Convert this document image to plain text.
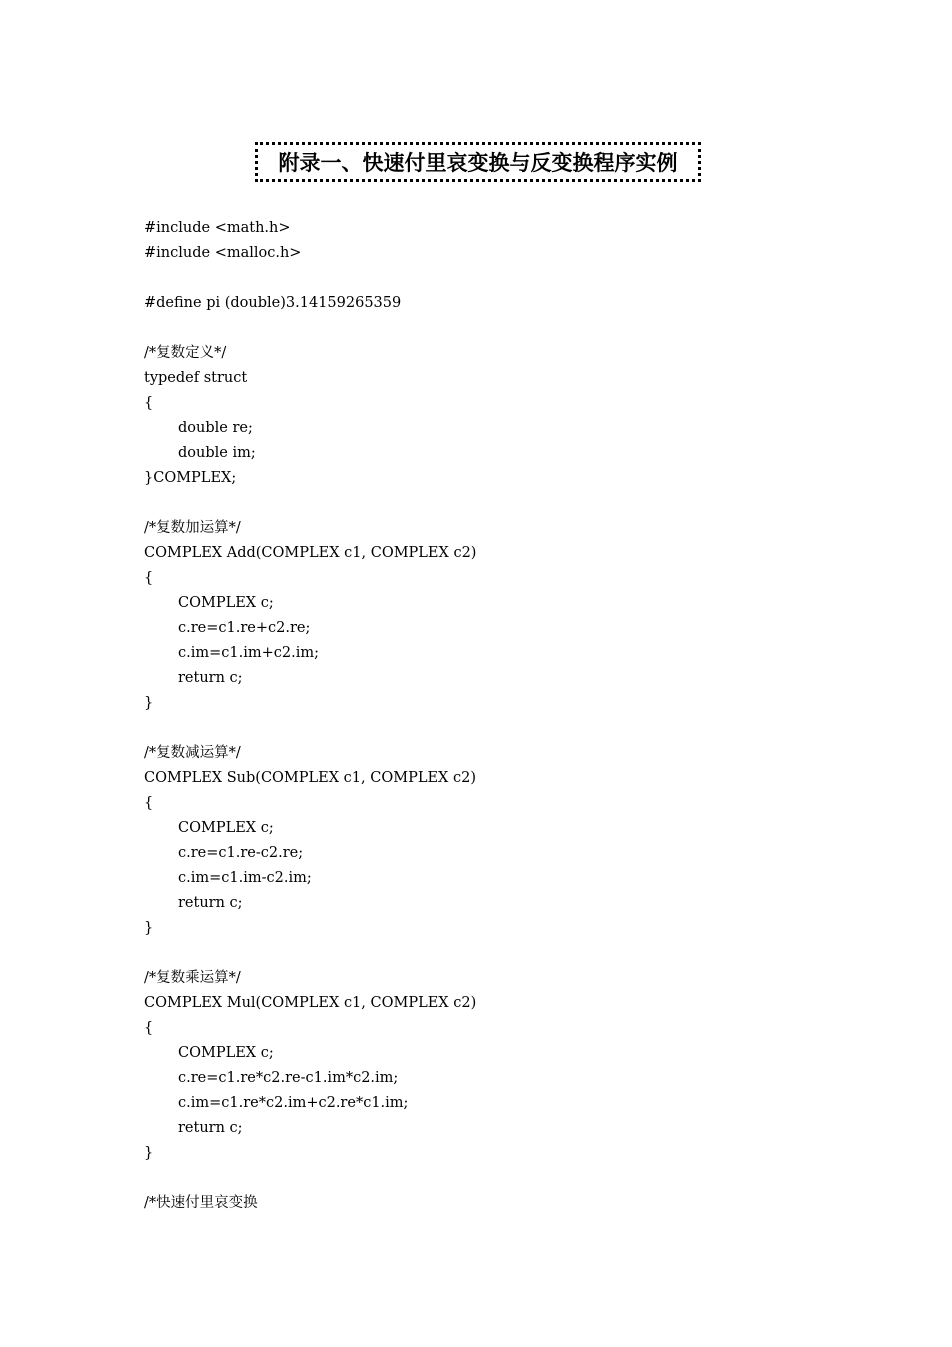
附录一、快速付里哀变换与反变换程序实例
#include <math.h>
#include <malloc.h>
#define pi (double)3.14159265359
/*复数定义*/
typedef struct
{
double re;
double im;
}COMPLEX;
/*复数加运算*/
COMPLEX Add(COMPLEX c1, COMPLEX c2)
{
COMPLEX c;
c.re=c1.re+c2.re;
c.im=c1.im+c2.im;
return c;
}
/*复数减运算*/
COMPLEX Sub(COMPLEX c1, COMPLEX c2)
{
COMPLEX c;
c.re=c1.re-c2.re;
c.im=c1.im-c2.im;
return c;
}
/*复数乘运算*/
COMPLEX Mul(COMPLEX c1, COMPLEX c2)
{
COMPLEX c;
c.re=c1.re*c2.re-c1.im*c2.im;
c.im=c1.re*c2.im+c2.re*c1.im;
return c;
}
/*快速付里哀变换
